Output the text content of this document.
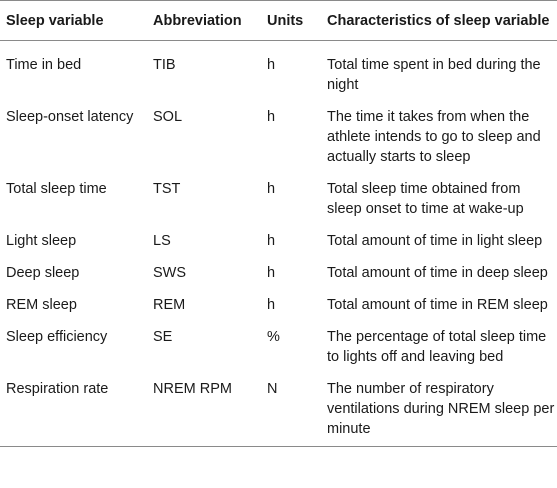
Sleep variable	Abbreviation	Units	Characteristics of sleep variable
Time in bed	TIB	h	Total time spent in bed during the night
Sleep-onset latency	SOL	h	The time it takes from when the athlete intends to go to sleep and actually starts to sleep
Total sleep time	TST	h	Total sleep time obtained from sleep onset to time at wake-up
Light sleep	LS	h	Total amount of time in light sleep
Deep sleep	SWS	h	Total amount of time in deep sleep
REM sleep	REM	h	Total amount of time in REM sleep
Sleep efficiency	SE	%	The percentage of total sleep time to lights off and leaving bed
Respiration rate	NREM RPM	N	The number of respiratory ventilations during NREM sleep per minute
